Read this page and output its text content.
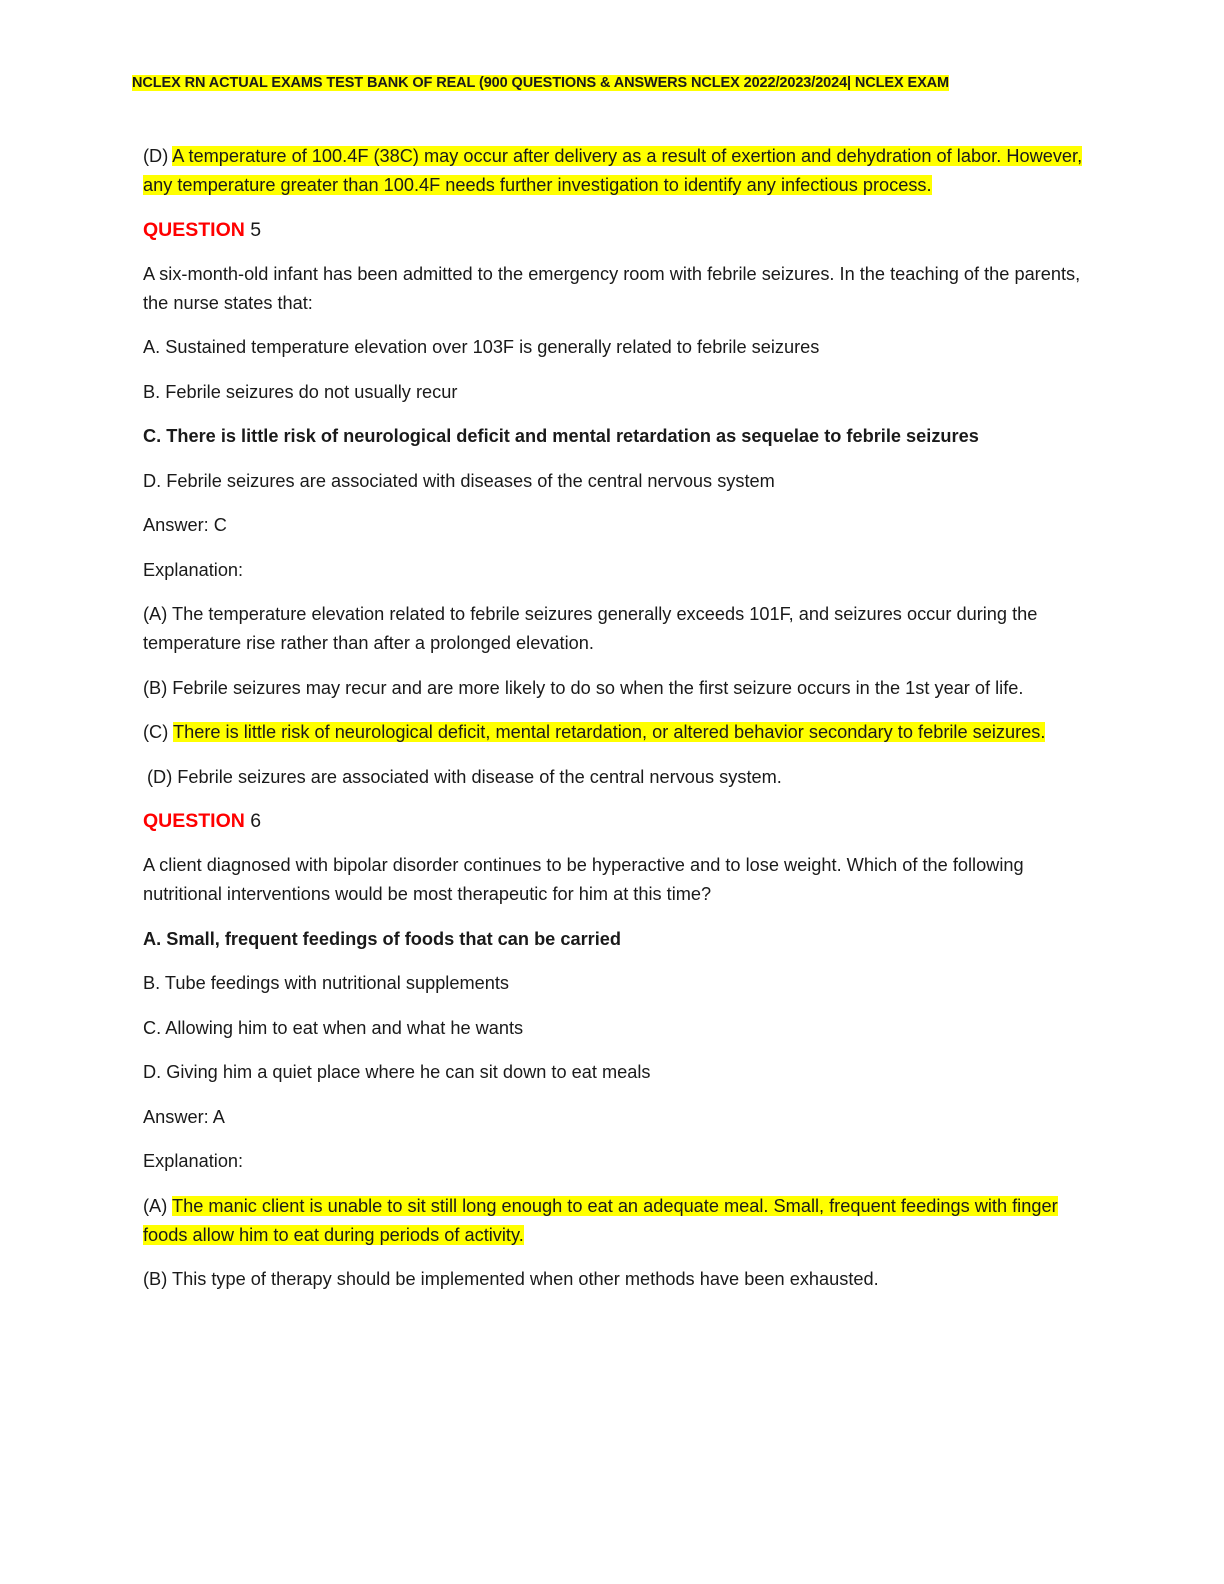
NCLEX RN ACTUAL EXAMS TEST BANK OF REAL (900 QUESTIONS & ANSWERS NCLEX 2022/2023/2024| NCLEX EXAM

(D) A temperature of 100.4F (38C) may occur after delivery as a result of exertion and dehydration of labor. However, any temperature greater than 100.4F needs further investigation to identify any infectious process.

QUESTION 5

A six-month-old infant has been admitted to the emergency room with febrile seizures. In the teaching of the parents, the nurse states that:

A. Sustained temperature elevation over 103F is generally related to febrile seizures

B. Febrile seizures do not usually recur

C. There is little risk of neurological deficit and mental retardation as sequelae to febrile seizures

D. Febrile seizures are associated with diseases of the central nervous system

Answer: C

Explanation:

(A) The temperature elevation related to febrile seizures generally exceeds 101F, and seizures occur during the temperature rise rather than after a prolonged elevation.

(B) Febrile seizures may recur and are more likely to do so when the first seizure occurs in the 1st year of life.

(C) There is little risk of neurological deficit, mental retardation, or altered behavior secondary to febrile seizures.

(D) Febrile seizures are associated with disease of the central nervous system.

QUESTION 6

A client diagnosed with bipolar disorder continues to be hyperactive and to lose weight. Which of the following nutritional interventions would be most therapeutic for him at this time?

A. Small, frequent feedings of foods that can be carried

B. Tube feedings with nutritional supplements

C. Allowing him to eat when and what he wants

D. Giving him a quiet place where he can sit down to eat meals

Answer: A

Explanation:

(A) The manic client is unable to sit still long enough to eat an adequate meal. Small, frequent feedings with finger foods allow him to eat during periods of activity.

(B) This type of therapy should be implemented when other methods have been exhausted.
